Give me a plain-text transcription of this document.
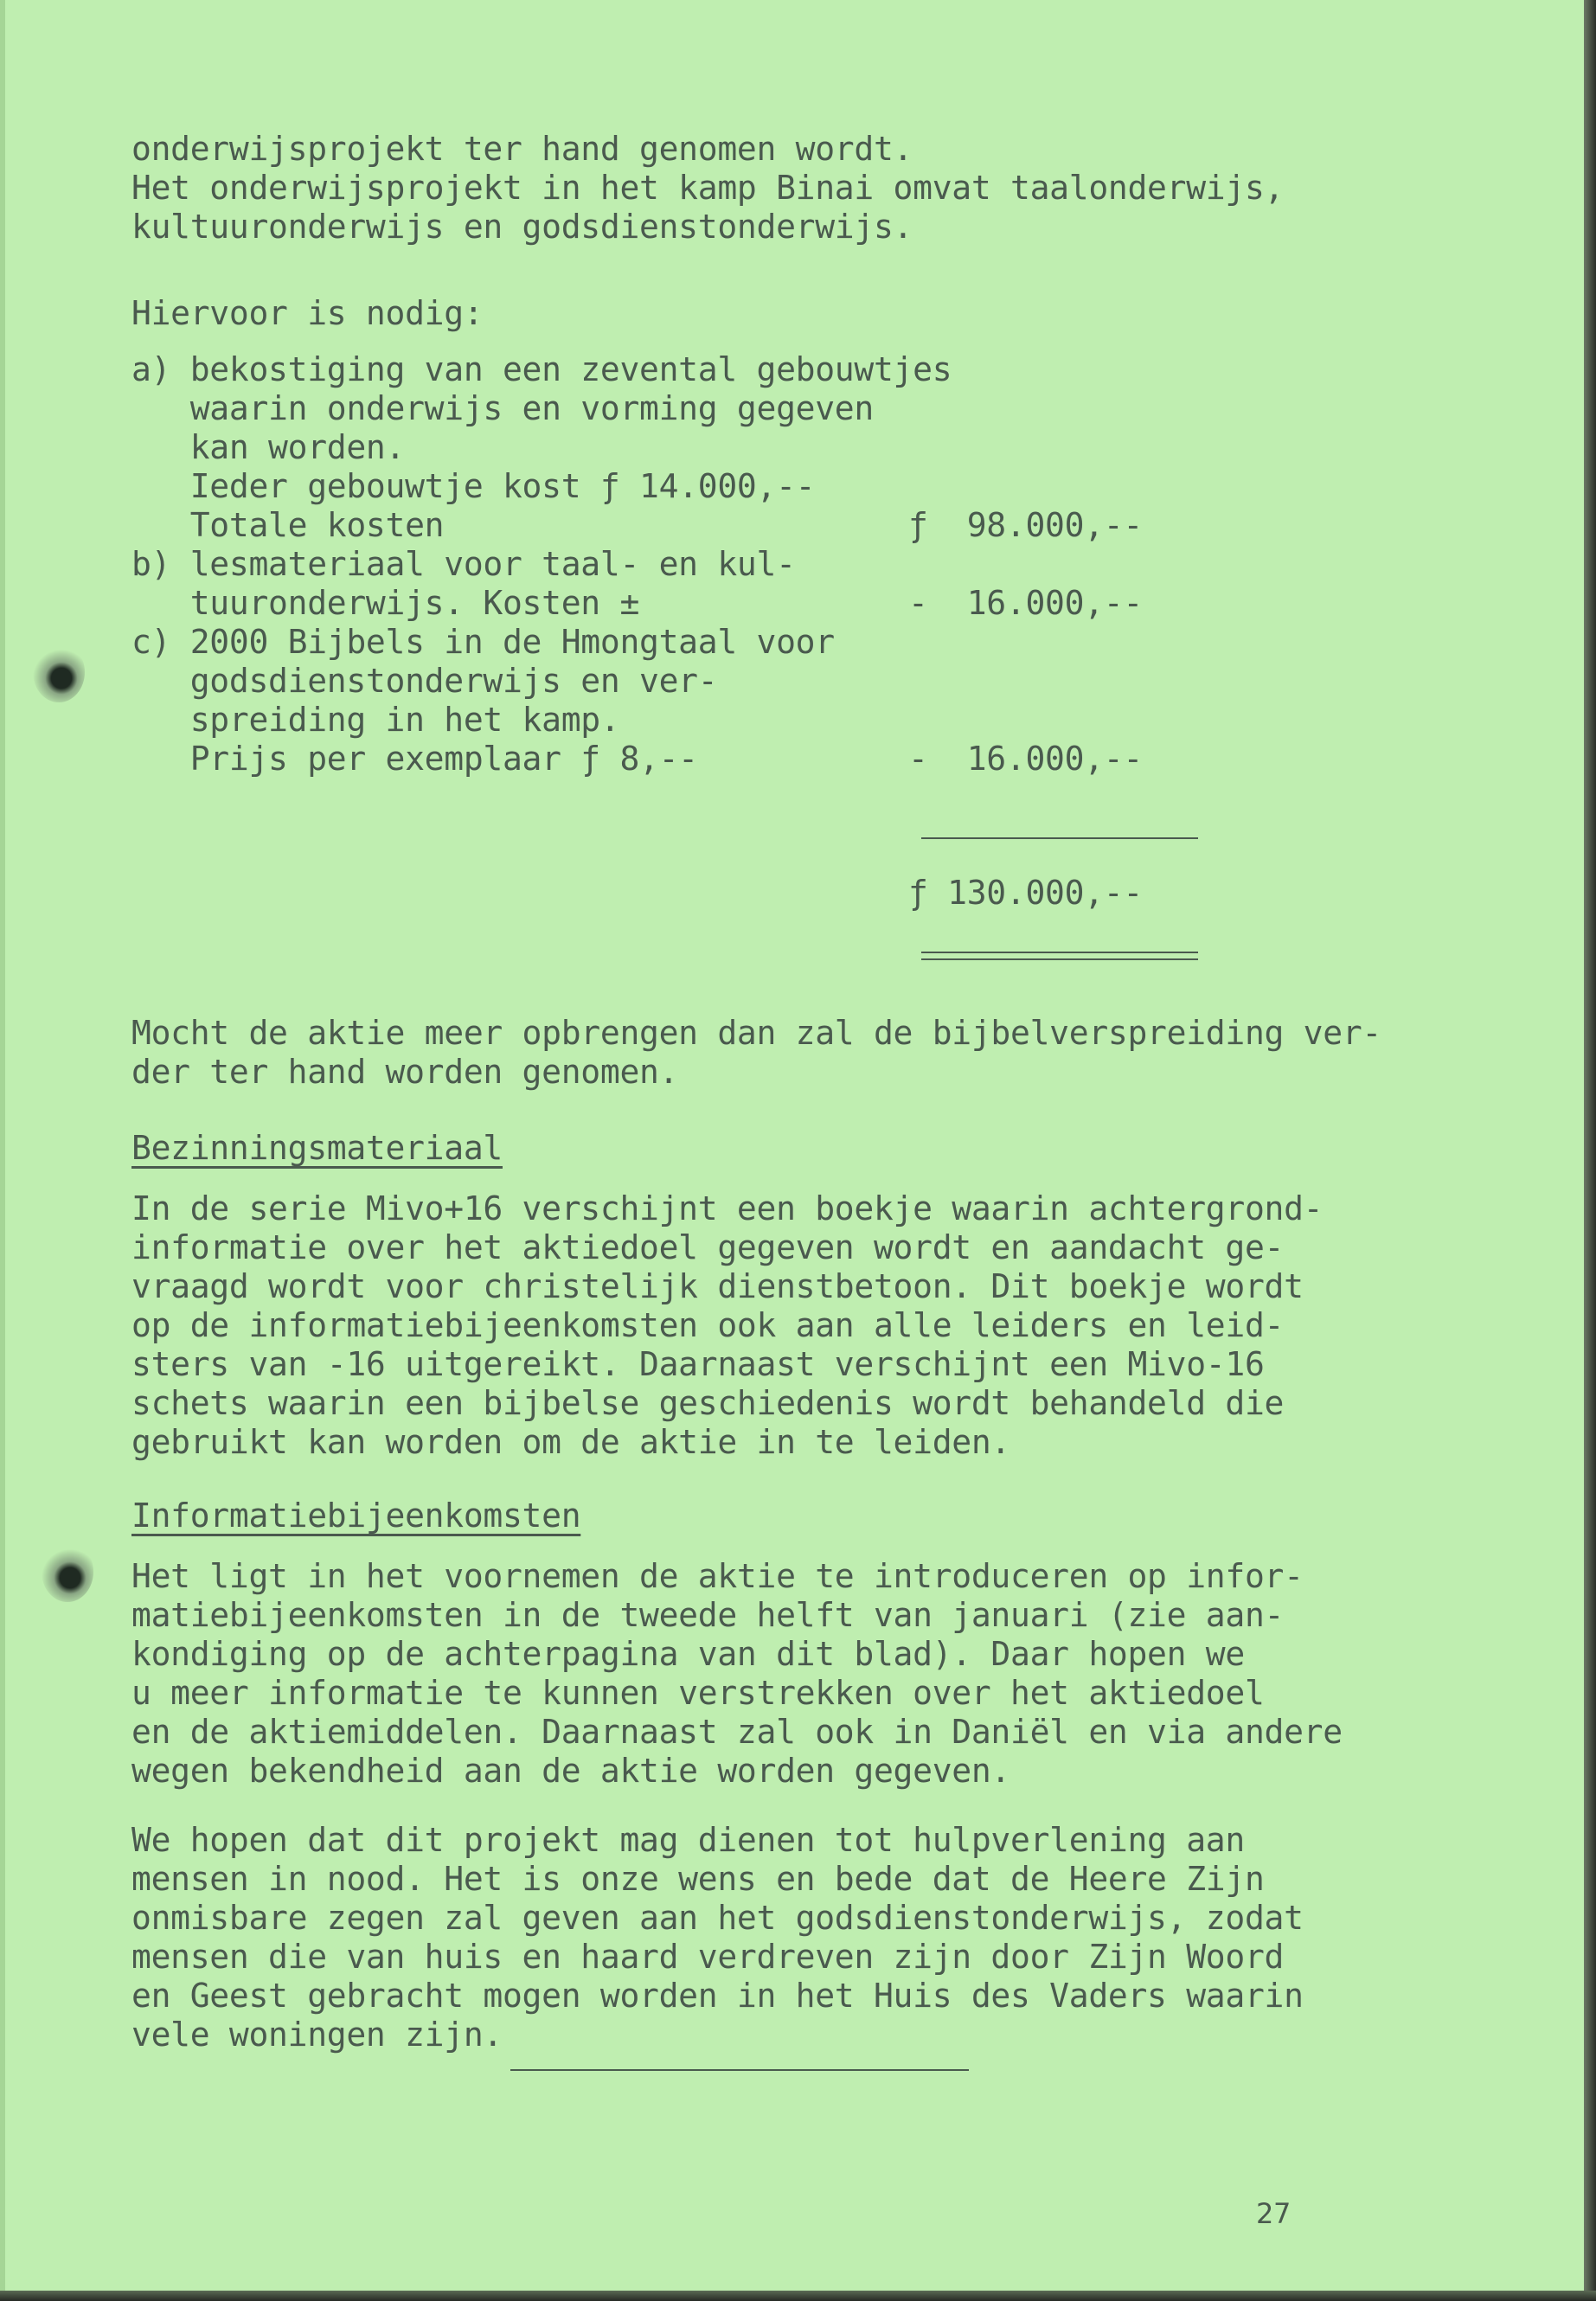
onderwijsprojekt ter hand genomen wordt.
Het onderwijsprojekt in het kamp Binai omvat taalonderwijs,
kultuuronderwijs en godsdienstonderwijs.
Hiervoor is nodig:
a) bekostiging van een zevental gebouwtjes
waarin onderwijs en vorming gegeven
kan worden.
Ieder gebouwtje kost ƒ 14.000,--
Totale kosten	ƒ  98.000,--
b) lesmateriaal voor taal- en kul-
tuuronderwijs. Kosten ±	-  16.000,--
c) 2000 Bijbels in de Hmongtaal voor
godsdienstonderwijs en ver-
spreiding in het kamp.
Prijs per exemplaar ƒ 8,--	-  16.000,--
ƒ 130.000,--
Mocht de aktie meer opbrengen dan zal de bijbelverspreiding ver-
der ter hand worden genomen.
Bezinningsmateriaal
In de serie Mivo+16 verschijnt een boekje waarin achtergrond-
informatie over het aktiedoel gegeven wordt en aandacht ge-
vraagd wordt voor christelijk dienstbetoon. Dit boekje wordt
op de informatiebijeenkomsten ook aan alle leiders en leid-
sters van -16 uitgereikt. Daarnaast verschijnt een Mivo-16
schets waarin een bijbelse geschiedenis wordt behandeld die
gebruikt kan worden om de aktie in te leiden.
Informatiebijeenkomsten
Het ligt in het voornemen de aktie te introduceren op infor-
matiebijeenkomsten in de tweede helft van januari (zie aan-
kondiging op de achterpagina van dit blad). Daar hopen we
u meer informatie te kunnen verstrekken over het aktiedoel
en de aktiemiddelen. Daarnaast zal ook in Daniël en via andere
wegen bekendheid aan de aktie worden gegeven.
We hopen dat dit projekt mag dienen tot hulpverlening aan
mensen in nood. Het is onze wens en bede dat de Heere Zijn
onmisbare zegen zal geven aan het godsdienstonderwijs, zodat
mensen die van huis en haard verdreven zijn door Zijn Woord
en Geest gebracht mogen worden in het Huis des Vaders waarin
vele woningen zijn.
27
